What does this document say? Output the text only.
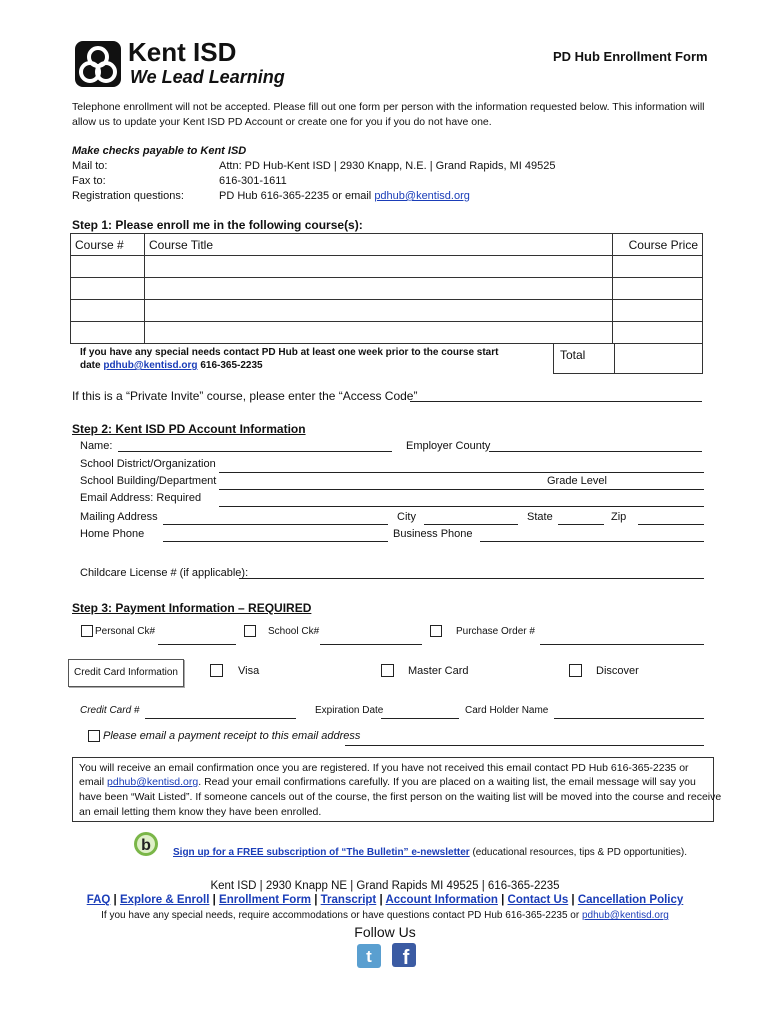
Kent ISD
We Lead Learning
PD Hub Enrollment Form
Telephone enrollment will not be accepted. Please fill out one form per person with the information requested below. This information will
allow us to update your Kent ISD PD Account or create one for you if you do not have one.
Make checks payable to Kent ISD
Mail to:	Attn: PD Hub-Kent ISD | 2930 Knapp, N.E. | Grand Rapids, MI 49525
Fax to:	616-301-1611
Registration questions:	PD Hub 616-365-2235 or email pdhub@kentisd.org
Step 1: Please enroll me in the following course(s):
Course #	Course Title	Course Price

If you have any special needs contact PD Hub at least one week prior to the course start
date pdhub@kentisd.org 616-365-2235
Total
If this is a “Private Invite” course, please enter the “Access Code”
Step 2: Kent ISD PD Account Information
Name:	Employer County
School District/Organization
School Building/Department	Grade Level
Email Address: Required
Mailing Address	City	State	Zip
Home Phone	Business Phone
Childcare License # (if applicable):
Step 3: Payment Information – REQUIRED
Personal Ck#	School Ck#	Purchase Order #
Credit Card Information	Visa	Master Card	Discover
Credit Card #	Expiration Date	Card Holder Name
Please email a payment receipt to this email address
You will receive an email confirmation once you are registered. If you have not received this email contact PD Hub 616-365-2235 or
email pdhub@kentisd.org. Read your email confirmations carefully. If you are placed on a waiting list, the email message will say you
have been “Wait Listed”. If someone cancels out of the course, the first person on the waiting list will be moved into the course and receive
an email letting them know they have been enrolled.
b Sign up for a FREE subscription of “The Bulletin” e-newsletter (educational resources, tips & PD opportunities).
Kent ISD | 2930 Knapp NE | Grand Rapids MI 49525 | 616-365-2235
FAQ | Explore & Enroll | Enrollment Form | Transcript | Account Information | Contact Us | Cancellation Policy
If you have any special needs, require accommodations or have questions contact PD Hub 616-365-2235 or pdhub@kentisd.org
Follow Us
t f
